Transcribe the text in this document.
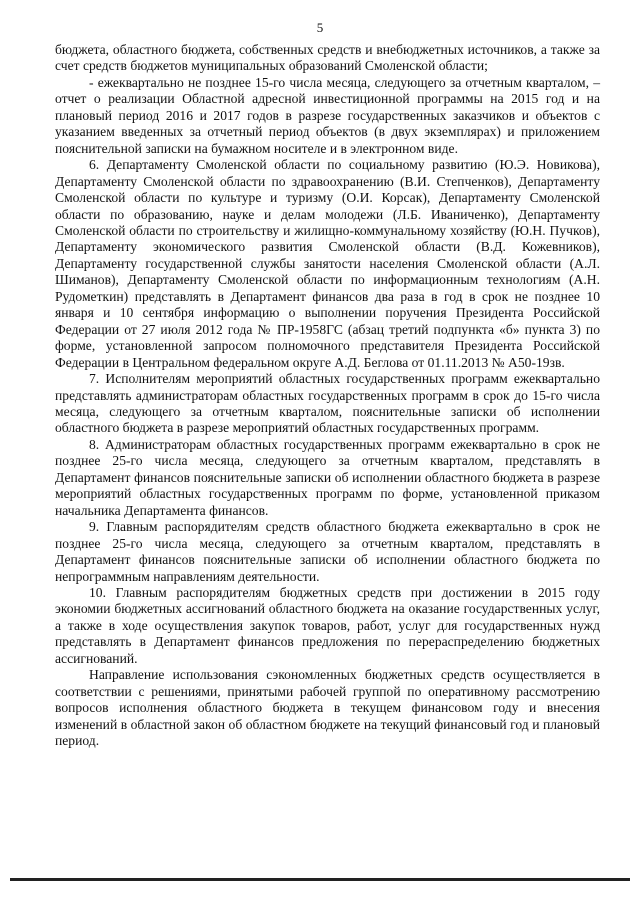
5

бюджета, областного бюджета, собственных средств и внебюджетных источников, а также за счет средств бюджетов муниципальных образований Смоленской области;

- ежеквартально не позднее 15-го числа месяца, следующего за отчетным кварталом, – отчет о реализации Областной адресной инвестиционной программы на 2015 год и на плановый период 2016 и 2017 годов в разрезе государственных заказчиков и объектов с указанием введенных за отчетный период объектов (в двух экземплярах) и приложением пояснительной записки на бумажном носителе и в электронном виде.

6. Департаменту Смоленской области по социальному развитию (Ю.Э. Новикова), Департаменту Смоленской области по здравоохранению (В.И. Степченков), Департаменту Смоленской области по культуре и туризму (О.И. Корсак), Департаменту Смоленской области по образованию, науке и делам молодежи (Л.Б. Иваниченко), Департаменту Смоленской области по строительству и жилищно-коммунальному хозяйству (Ю.Н. Пучков), Департаменту экономического развития Смоленской области (В.Д. Кожевников), Департаменту государственной службы занятости населения Смоленской области (А.Л. Шиманов), Департаменту Смоленской области по информационным технологиям (А.Н. Рудометкин) представлять в Департамент финансов два раза в год в срок не позднее 10 января и 10 сентября информацию о выполнении поручения Президента Российской Федерации от 27 июля 2012 года № ПР-1958ГС (абзац третий подпункта «б» пункта 3) по форме, установленной запросом полномочного представителя Президента Российской Федерации в Центральном федеральном округе А.Д. Беглова от 01.11.2013 № А50-19зв.

7. Исполнителям мероприятий областных государственных программ ежеквартально представлять администраторам областных государственных программ в срок до 15-го числа месяца, следующего за отчетным кварталом, пояснительные записки об исполнении областного бюджета в разрезе мероприятий областных государственных программ.

8. Администраторам областных государственных программ ежеквартально в срок не позднее 25-го числа месяца, следующего за отчетным кварталом, представлять в Департамент финансов пояснительные записки об исполнении областного бюджета в разрезе мероприятий областных государственных программ по форме, установленной приказом начальника Департамента финансов.

9. Главным распорядителям средств областного бюджета ежеквартально в срок не позднее 25-го числа месяца, следующего за отчетным кварталом, представлять в Департамент финансов пояснительные записки об исполнении областного бюджета по непрограммным направлениям деятельности.

10. Главным распорядителям бюджетных средств при достижении в 2015 году экономии бюджетных ассигнований областного бюджета на оказание государственных услуг, а также в ходе осуществления закупок товаров, работ, услуг для государственных нужд представлять в Департамент финансов предложения по перераспределению бюджетных ассигнований.

Направление использования сэкономленных бюджетных средств осуществляется в соответствии с решениями, принятыми рабочей группой по оперативному рассмотрению вопросов исполнения областного бюджета в текущем финансовом году и внесения изменений в областной закон об областном бюджете на текущий финансовый год и плановый период.
